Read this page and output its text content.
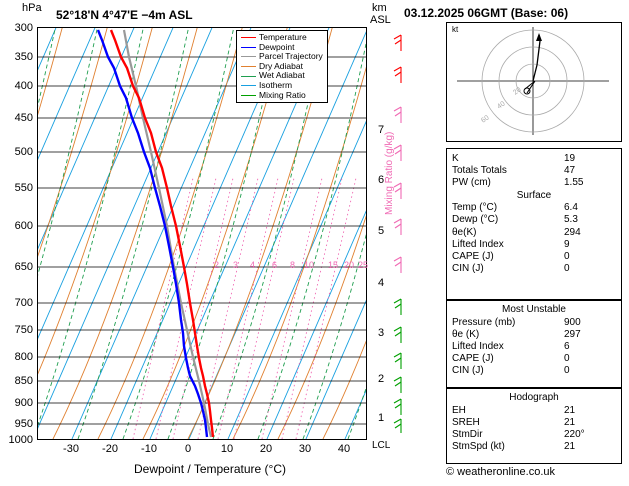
hPa 52°18'N 4°47'E −4m ASL	km
ASL
Temperature
Dewpoint
Parcel Trajectory
Dry Adiabat
Wet Adiabat
Isotherm
Mixing Ratio
300
350
400
450
500
550
600
650
700
750
800
850
900
950
1000
-30	-20	-10	0	10	20	30	40
Dewpoint / Temperature (°C)
7
6
5
4
3
2
1
Mixing Ratio (g/kg)
LCL
2 3 4 6 8 10 15 20 25
03.12.2025 06GMT (Base: 06)
20
40
60
kt
K	19
Totals Totals	47
PW (cm)	1.55
Surface
Temp (°C)	6.4
Dewp (°C)	5.3
θe(K)	294
Lifted Index	9
CAPE (J)	0
CIN (J)	0
Most Unstable
Pressure (mb)	900
θe (K)	297
Lifted Index	6
CAPE (J)	0
CIN (J)	0
Hodograph
EH	21
SREH	21
StmDir	220°
StmSpd (kt)	21
© weatheronline.co.uk
